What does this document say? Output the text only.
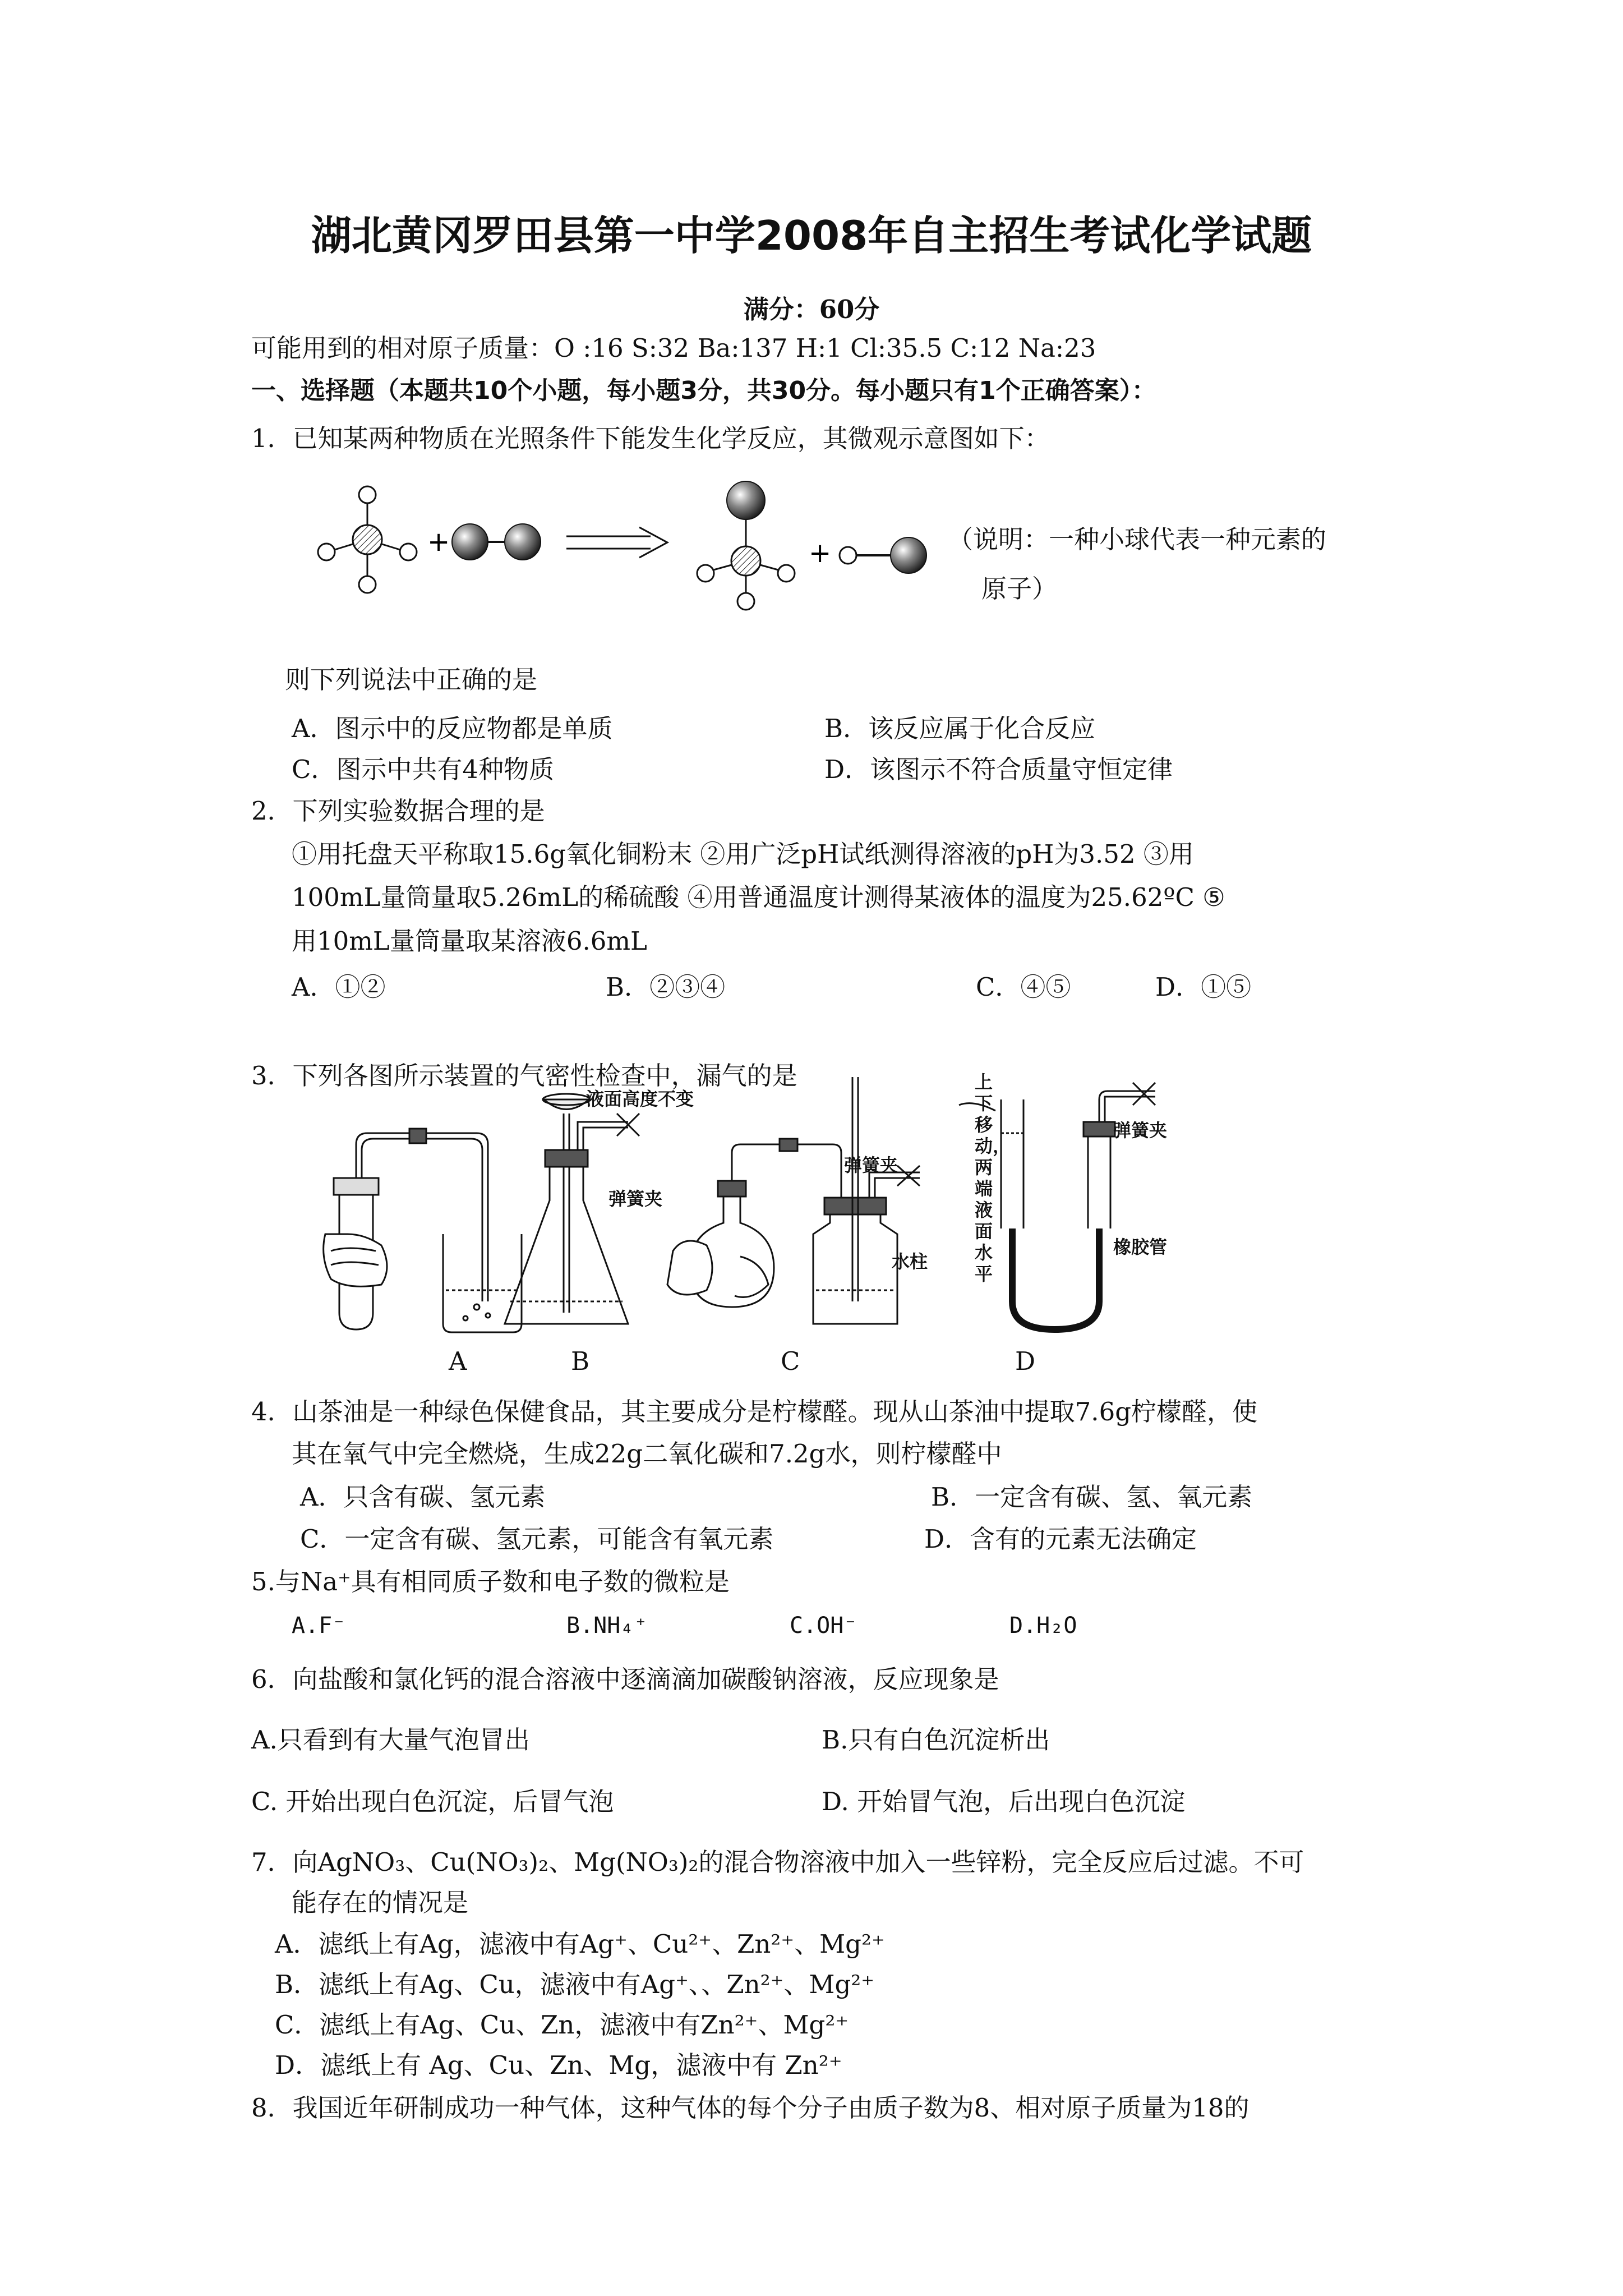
湖北黄冈罗田县第一中学2008年自主招生考试化学试题
满分：60分
可能用到的相对原子质量：O :16 S:32 Ba:137 H:1 Cl:35.5 C:12 Na:23
一、选择题（本题共10个小题，每小题3分，共30分。每小题只有1个正确答案）：
1．已知某两种物质在光照条件下能发生化学反应，其微观示意图如下：
+	+	（说明：一种小球代表一种元素的
原子）
则下列说法中正确的是
A．图示中的反应物都是单质	B．该反应属于化合反应
C．图示中共有4种物质	D．该图示不符合质量守恒定律
2．下列实验数据合理的是
①用托盘天平称取15.6g氧化铜粉末 ②用广泛pH试纸测得溶液的pH为3.52 ③用
100mL量筒量取5.26mL的稀硫酸 ④用普通温度计测得某液体的温度为25.62ºC ⑤
用10mL量筒量取某溶液6.6mL
A．①②	B．②③④	C．④⑤	D．①⑤
3．下列各图所示装置的气密性检查中，漏气的是
液面高度不变
弹簧夹
弹簧夹
水柱
上下移动，两端液面水平
弹簧夹
橡胶管
A	B	C	D
4．山茶油是一种绿色保健食品，其主要成分是柠檬醛。现从山茶油中提取7.6g柠檬醛，使
其在氧气中完全燃烧，生成22g二氧化碳和7.2g水，则柠檬醛中
A．只含有碳、氢元素	B．一定含有碳、氢、氧元素
C．一定含有碳、氢元素，可能含有氧元素	D．含有的元素无法确定
5.与Na⁺具有相同质子数和电子数的微粒是
A.F⁻	B.NH₄⁺	C.OH⁻	D.H₂O
6．向盐酸和氯化钙的混合溶液中逐滴滴加碳酸钠溶液，反应现象是
A.只看到有大量气泡冒出	B.只有白色沉淀析出
C. 开始出现白色沉淀，后冒气泡	D. 开始冒气泡，后出现白色沉淀
7．向AgNO₃、Cu(NO₃)₂、Mg(NO₃)₂的混合物溶液中加入一些锌粉，完全反应后过滤。不可
能存在的情况是
A．滤纸上有Ag，滤液中有Ag⁺、Cu²⁺、Zn²⁺、Mg²⁺
B．滤纸上有Ag、Cu，滤液中有Ag⁺、、Zn²⁺、Mg²⁺
C．滤纸上有Ag、Cu、Zn，滤液中有Zn²⁺、Mg²⁺
D．滤纸上有 Ag、Cu、Zn、Mg，滤液中有 Zn²⁺
8．我国近年研制成功一种气体，这种气体的每个分子由质子数为8、相对原子质量为18的
